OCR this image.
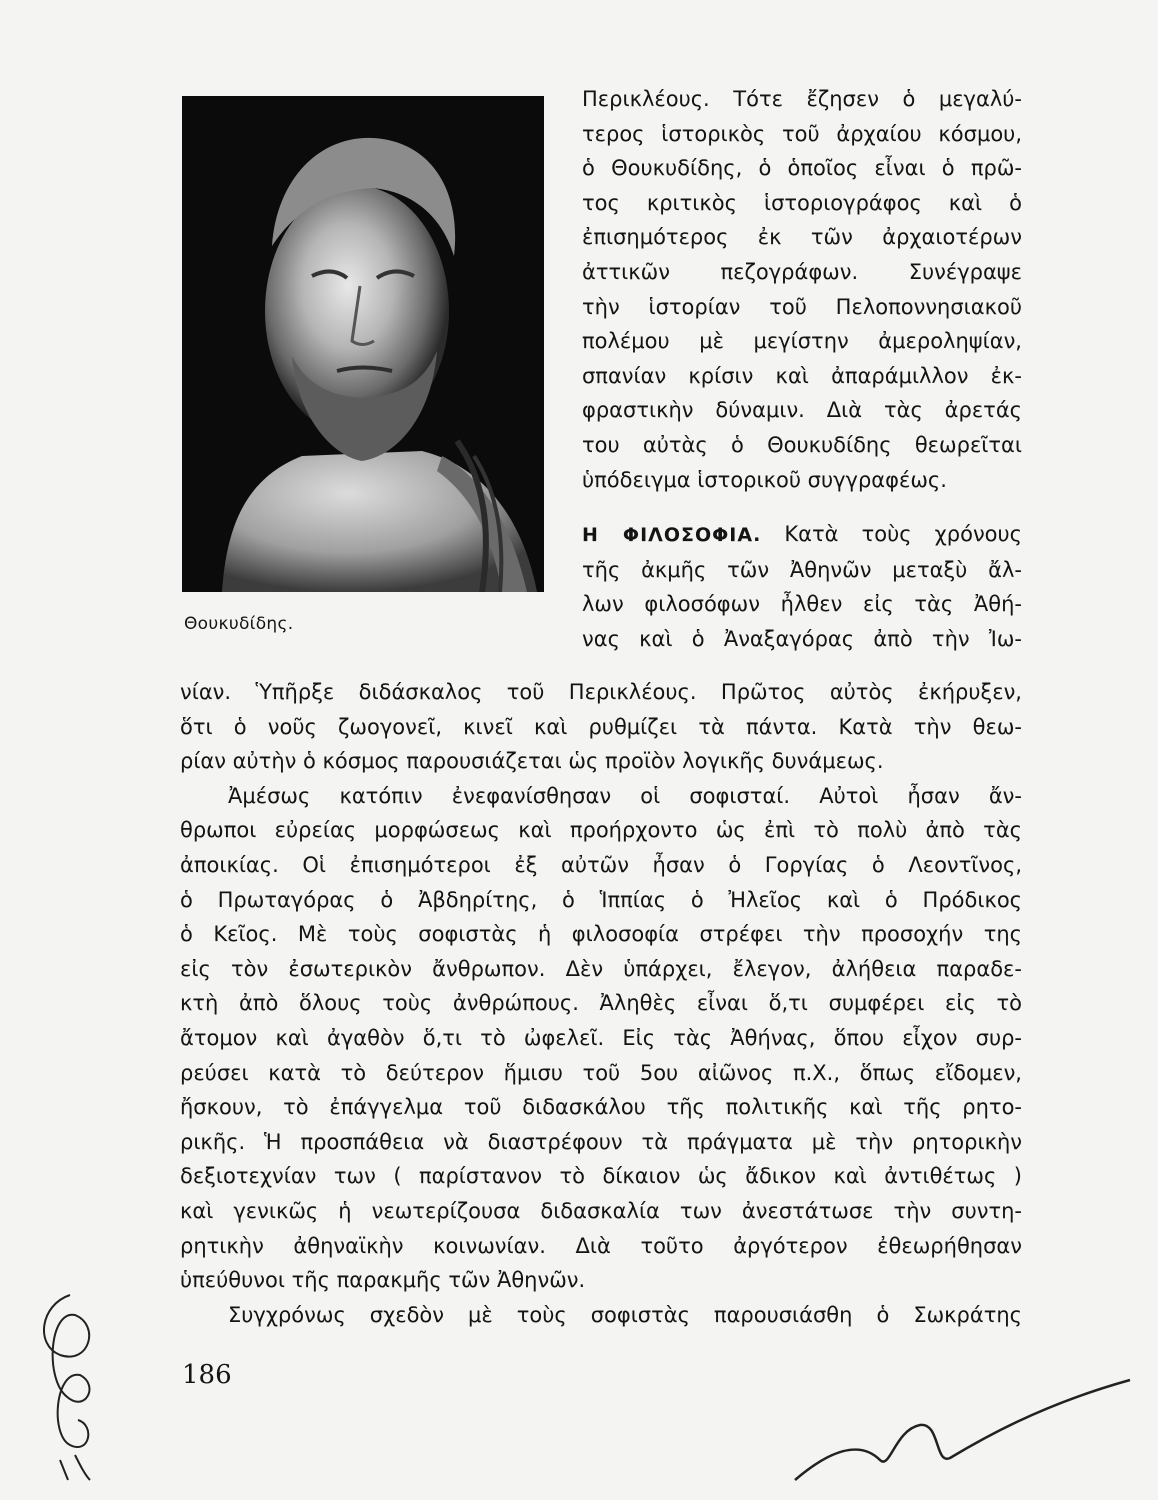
Θουκυδίδης.

Περικλέους. Τότε ἔζησεν ὁ μεγαλύ-
τερος ἱστορικὸς τοῦ ἀρχαίου κόσμου,
ὁ Θουκυδίδης, ὁ ὁποῖος εἶναι ὁ πρῶ-
τος κριτικὸς ἱστοριογράφος καὶ ὁ
ἐπισημότερος ἐκ τῶν ἀρχαιοτέρων
ἀττικῶν πεζογράφων. Συνέγραψε
τὴν ἱστορίαν τοῦ Πελοποννησιακοῦ
πολέμου μὲ μεγίστην ἀμεροληψίαν,
σπανίαν κρίσιν καὶ ἀπαράμιλλον ἐκ-
φραστικὴν δύναμιν. Διὰ τὰς ἀρετάς
του αὐτὰς ὁ Θουκυδίδης θεωρεῖται

ὑπόδειγμα ἱστορικοῦ συγγραφέως.

Η ΦΙΛΟΣΟΦΙΑ. Κατὰ τοὺς χρόνους
τῆς ἀκμῆς τῶν Ἀθηνῶν μεταξὺ ἄλ-
λων φιλοσόφων ἦλθεν εἰς τὰς Ἀθή-
νας καὶ ὁ Ἀναξαγόρας ἀπὸ τὴν Ἰω-

νίαν. Ὑπῆρξε διδάσκαλος τοῦ Περικλέους. Πρῶτος αὐτὸς ἐκήρυξεν,
ὅτι ὁ νοῦς ζωογονεῖ, κινεῖ καὶ ρυθμίζει τὰ πάντα. Κατὰ τὴν θεω-
ρίαν αὐτὴν ὁ κόσμος παρουσιάζεται ὡς προϊὸν λογικῆς δυνάμεως.
Ἀμέσως κατόπιν ἐνεφανίσθησαν οἱ σοφισταί. Αὐτοὶ ἦσαν ἄν-
θρωποι εὐρείας μορφώσεως καὶ προήρχοντο ὡς ἐπὶ τὸ πολὺ ἀπὸ τὰς
ἀποικίας. Οἱ ἐπισημότεροι ἐξ αὐτῶν ἦσαν ὁ Γοργίας ὁ Λεοντῖνος,
ὁ Πρωταγόρας ὁ Ἀβδηρίτης, ὁ Ἱππίας ὁ Ἠλεῖος καὶ ὁ Πρόδικος
ὁ Κεῖος. Μὲ τοὺς σοφιστὰς ἡ φιλοσοφία στρέφει τὴν προσοχήν της
εἰς τὸν ἐσωτερικὸν ἄνθρωπον. Δὲν ὑπάρχει, ἔλεγον, ἀλήθεια παραδε-
κτὴ ἀπὸ ὅλους τοὺς ἀνθρώπους. Ἀληθὲς εἶναι ὅ,τι συμφέρει εἰς τὸ
ἄτομον καὶ ἀγαθὸν ὅ,τι τὸ ὠφελεῖ. Εἰς τὰς Ἀθήνας, ὅπου εἶχον συρ-
ρεύσει κατὰ τὸ δεύτερον ἥμισυ τοῦ 5ου αἰῶνος π.Χ., ὅπως εἴδομεν,
ἤσκουν, τὸ ἐπάγγελμα τοῦ διδασκάλου τῆς πολιτικῆς καὶ τῆς ρητο-
ρικῆς. Ἡ προσπάθεια νὰ διαστρέφουν τὰ πράγματα μὲ τὴν ρητορικὴν
δεξιοτεχνίαν των ( παρίστανον τὸ δίκαιον ὡς ἄδικον καὶ ἀντιθέτως )
καὶ γενικῶς ἡ νεωτερίζουσα διδασκαλία των ἀνεστάτωσε τὴν συντη-
ρητικὴν ἀθηναϊκὴν κοινωνίαν. Διὰ τοῦτο ἀργότερον ἐθεωρήθησαν
ὑπεύθυνοι τῆς παρακμῆς τῶν Ἀθηνῶν.
Συγχρόνως σχεδὸν μὲ τοὺς σοφιστὰς παρουσιάσθη ὁ Σωκράτης
186
